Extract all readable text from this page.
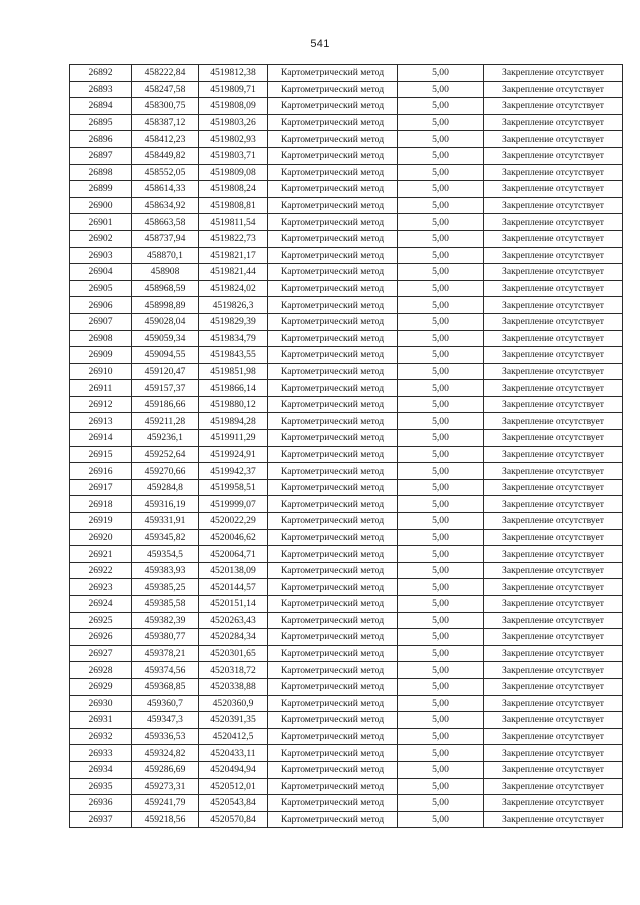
541
26892	458222,84	4519812,38	Картометрический метод	5,00	Закрепление отсутствует
26893	458247,58	4519809,71	Картометрический метод	5,00	Закрепление отсутствует
26894	458300,75	4519808,09	Картометрический метод	5,00	Закрепление отсутствует
26895	458387,12	4519803,26	Картометрический метод	5,00	Закрепление отсутствует
26896	458412,23	4519802,93	Картометрический метод	5,00	Закрепление отсутствует
26897	458449,82	4519803,71	Картометрический метод	5,00	Закрепление отсутствует
26898	458552,05	4519809,08	Картометрический метод	5,00	Закрепление отсутствует
26899	458614,33	4519808,24	Картометрический метод	5,00	Закрепление отсутствует
26900	458634,92	4519808,81	Картометрический метод	5,00	Закрепление отсутствует
26901	458663,58	4519811,54	Картометрический метод	5,00	Закрепление отсутствует
26902	458737,94	4519822,73	Картометрический метод	5,00	Закрепление отсутствует
26903	458870,1	4519821,17	Картометрический метод	5,00	Закрепление отсутствует
26904	458908	4519821,44	Картометрический метод	5,00	Закрепление отсутствует
26905	458968,59	4519824,02	Картометрический метод	5,00	Закрепление отсутствует
26906	458998,89	4519826,3	Картометрический метод	5,00	Закрепление отсутствует
26907	459028,04	4519829,39	Картометрический метод	5,00	Закрепление отсутствует
26908	459059,34	4519834,79	Картометрический метод	5,00	Закрепление отсутствует
26909	459094,55	4519843,55	Картометрический метод	5,00	Закрепление отсутствует
26910	459120,47	4519851,98	Картометрический метод	5,00	Закрепление отсутствует
26911	459157,37	4519866,14	Картометрический метод	5,00	Закрепление отсутствует
26912	459186,66	4519880,12	Картометрический метод	5,00	Закрепление отсутствует
26913	459211,28	4519894,28	Картометрический метод	5,00	Закрепление отсутствует
26914	459236,1	4519911,29	Картометрический метод	5,00	Закрепление отсутствует
26915	459252,64	4519924,91	Картометрический метод	5,00	Закрепление отсутствует
26916	459270,66	4519942,37	Картометрический метод	5,00	Закрепление отсутствует
26917	459284,8	4519958,51	Картометрический метод	5,00	Закрепление отсутствует
26918	459316,19	4519999,07	Картометрический метод	5,00	Закрепление отсутствует
26919	459331,91	4520022,29	Картометрический метод	5,00	Закрепление отсутствует
26920	459345,82	4520046,62	Картометрический метод	5,00	Закрепление отсутствует
26921	459354,5	4520064,71	Картометрический метод	5,00	Закрепление отсутствует
26922	459383,93	4520138,09	Картометрический метод	5,00	Закрепление отсутствует
26923	459385,25	4520144,57	Картометрический метод	5,00	Закрепление отсутствует
26924	459385,58	4520151,14	Картометрический метод	5,00	Закрепление отсутствует
26925	459382,39	4520263,43	Картометрический метод	5,00	Закрепление отсутствует
26926	459380,77	4520284,34	Картометрический метод	5,00	Закрепление отсутствует
26927	459378,21	4520301,65	Картометрический метод	5,00	Закрепление отсутствует
26928	459374,56	4520318,72	Картометрический метод	5,00	Закрепление отсутствует
26929	459368,85	4520338,88	Картометрический метод	5,00	Закрепление отсутствует
26930	459360,7	4520360,9	Картометрический метод	5,00	Закрепление отсутствует
26931	459347,3	4520391,35	Картометрический метод	5,00	Закрепление отсутствует
26932	459336,53	4520412,5	Картометрический метод	5,00	Закрепление отсутствует
26933	459324,82	4520433,11	Картометрический метод	5,00	Закрепление отсутствует
26934	459286,69	4520494,94	Картометрический метод	5,00	Закрепление отсутствует
26935	459273,31	4520512,01	Картометрический метод	5,00	Закрепление отсутствует
26936	459241,79	4520543,84	Картометрический метод	5,00	Закрепление отсутствует
26937	459218,56	4520570,84	Картометрический метод	5,00	Закрепление отсутствует
